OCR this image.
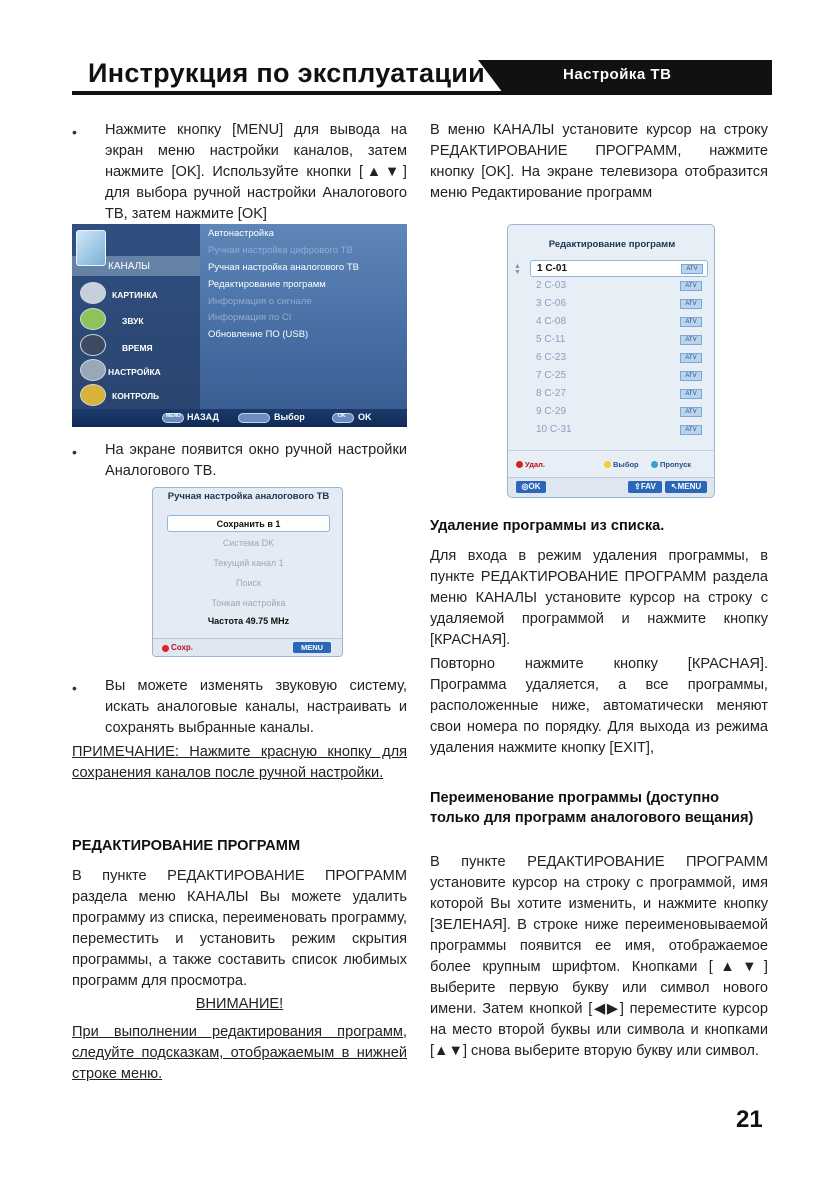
Инструкция по эксплуатации	Настройка ТВ
• Нажмите кнопку [MENU] для вывода на экран меню настройки каналов, затем нажмите [OK]. Используйте кнопки [▲▼] для выбора ручной настройки Аналогового ТВ, затем нажмите [OK]
КАНАЛЫ
КАРТИНКА
ЗВУК
ВРЕМЯ
НАСТРОЙКА
КОНТРОЛЬ
Автонастройка
Ручная настройка цифрового ТВ
Ручная настройка аналогового ТВ
Редактирование программ
Информация о сигнале
Информация по CI
Обновление ПО (USB)
MENU НАЗАД	Выбор	OK OK
• На экране появится окно ручной настройки Аналогового ТВ.
Ручная настройка аналогового ТВ
Сохранить в 1
Система DK
Текущий канал 1
Поиск
Тонкая настройка
Частота 49.75 MHz
Сохр.	MENU
• Вы можете изменять звуковую систему, искать аналоговые каналы, настраивать и сохранять выбранные каналы.
ПРИМЕЧАНИЕ: Нажмите красную кнопку для сохранения каналов после ручной настройки.
РЕДАКТИРОВАНИЕ ПРОГРАММ
В пункте РЕДАКТИРОВАНИЕ ПРОГРАММ раздела меню КАНАЛЫ Вы можете удалить программу из списка, переименовать программу, переместить и установить режим скрытия программы, а также составить список любимых программ для просмотра.
ВНИМАНИЕ!
При выполнении редактирования программ, следуйте подсказкам, отображаемым в нижней строке меню.
В меню КАНАЛЫ установите курсор на строку РЕДАКТИРОВАНИЕ ПРОГРАММ, нажмите кнопку [OK]. На экране телевизора отобразится меню Редактирование программ
Редактирование программ
▲
▼ 1 C-01	ATV
2 C-03	ATV
3 C-06	ATV
4 C-08	ATV
5 C-11	ATV
6 C-23	ATV
7 C-25	ATV
8 C-27	ATV
9 C-29	ATV
10 C-31	ATV
Удал.	Выбор	Пропуск
◎OK	⇪FAV	↖MENU
Удаление программы из списка.
Для входа в режим удаления программы, в пункте РЕДАКТИРОВАНИЕ ПРОГРАММ раздела меню КАНАЛЫ установите курсор на строку с удаляемой программой и нажмите кнопку [КРАСНАЯ].
Повторно нажмите кнопку [КРАСНАЯ]. Программа удаляется, а все программы, расположенные ниже, автоматически меняют свои номера по порядку. Для выхода из режима удаления нажмите кнопку [EXIT],
Переименование программы (доступно только для программ аналогового вещания)
В пункте РЕДАКТИРОВАНИЕ ПРОГРАММ установите курсор на строку с программой, имя которой Вы хотите изменить, и нажмите кнопку [ЗЕЛЕНАЯ]. В строке ниже переименовываемой программы появится ее имя, отображаемое более крупным шрифтом. Кнопками [▲▼] выберите первую букву или символ нового имени. Затем кнопкой [◀▶] переместите курсор на место второй буквы или символа и кнопками [▲▼] снова выберите вторую букву или символ.
21
